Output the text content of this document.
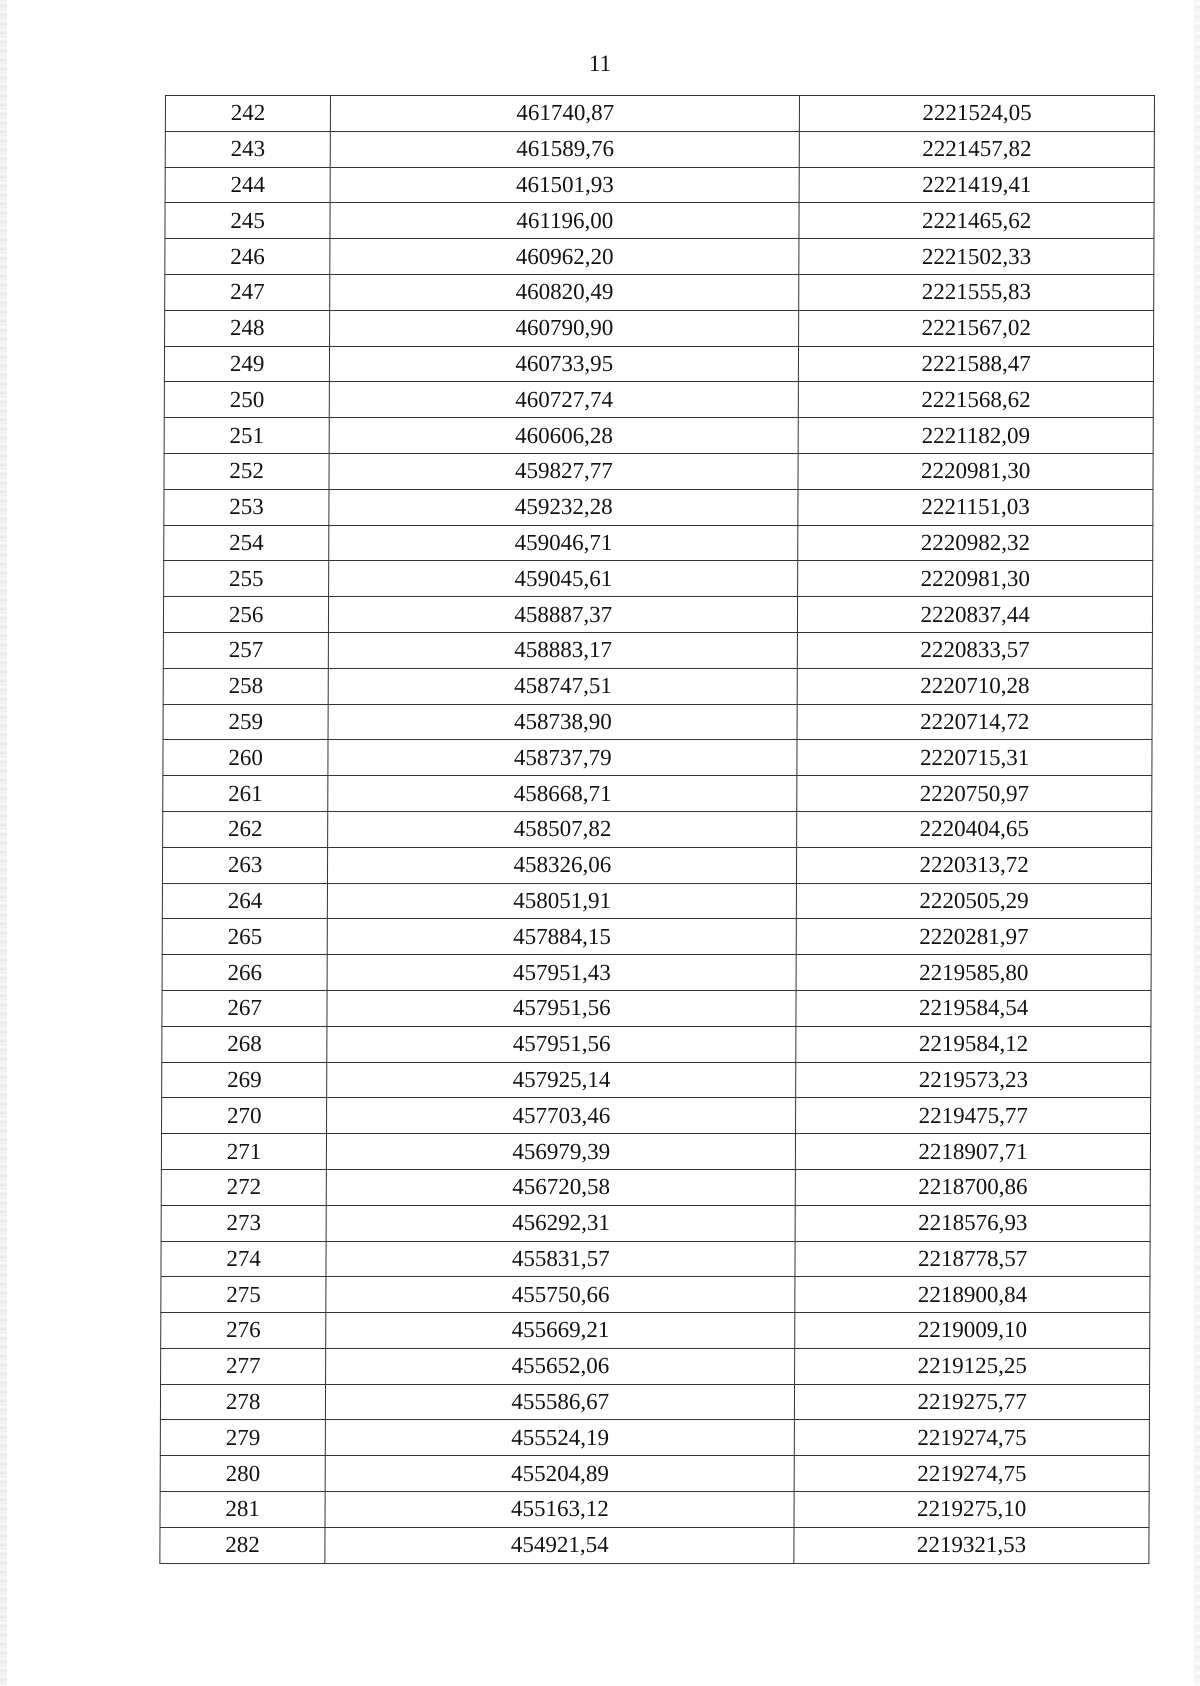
11
242	461740,87	2221524,05
243	461589,76	2221457,82
244	461501,93	2221419,41
245	461196,00	2221465,62
246	460962,20	2221502,33
247	460820,49	2221555,83
248	460790,90	2221567,02
249	460733,95	2221588,47
250	460727,74	2221568,62
251	460606,28	2221182,09
252	459827,77	2220981,30
253	459232,28	2221151,03
254	459046,71	2220982,32
255	459045,61	2220981,30
256	458887,37	2220837,44
257	458883,17	2220833,57
258	458747,51	2220710,28
259	458738,90	2220714,72
260	458737,79	2220715,31
261	458668,71	2220750,97
262	458507,82	2220404,65
263	458326,06	2220313,72
264	458051,91	2220505,29
265	457884,15	2220281,97
266	457951,43	2219585,80
267	457951,56	2219584,54
268	457951,56	2219584,12
269	457925,14	2219573,23
270	457703,46	2219475,77
271	456979,39	2218907,71
272	456720,58	2218700,86
273	456292,31	2218576,93
274	455831,57	2218778,57
275	455750,66	2218900,84
276	455669,21	2219009,10
277	455652,06	2219125,25
278	455586,67	2219275,77
279	455524,19	2219274,75
280	455204,89	2219274,75
281	455163,12	2219275,10
282	454921,54	2219321,53
